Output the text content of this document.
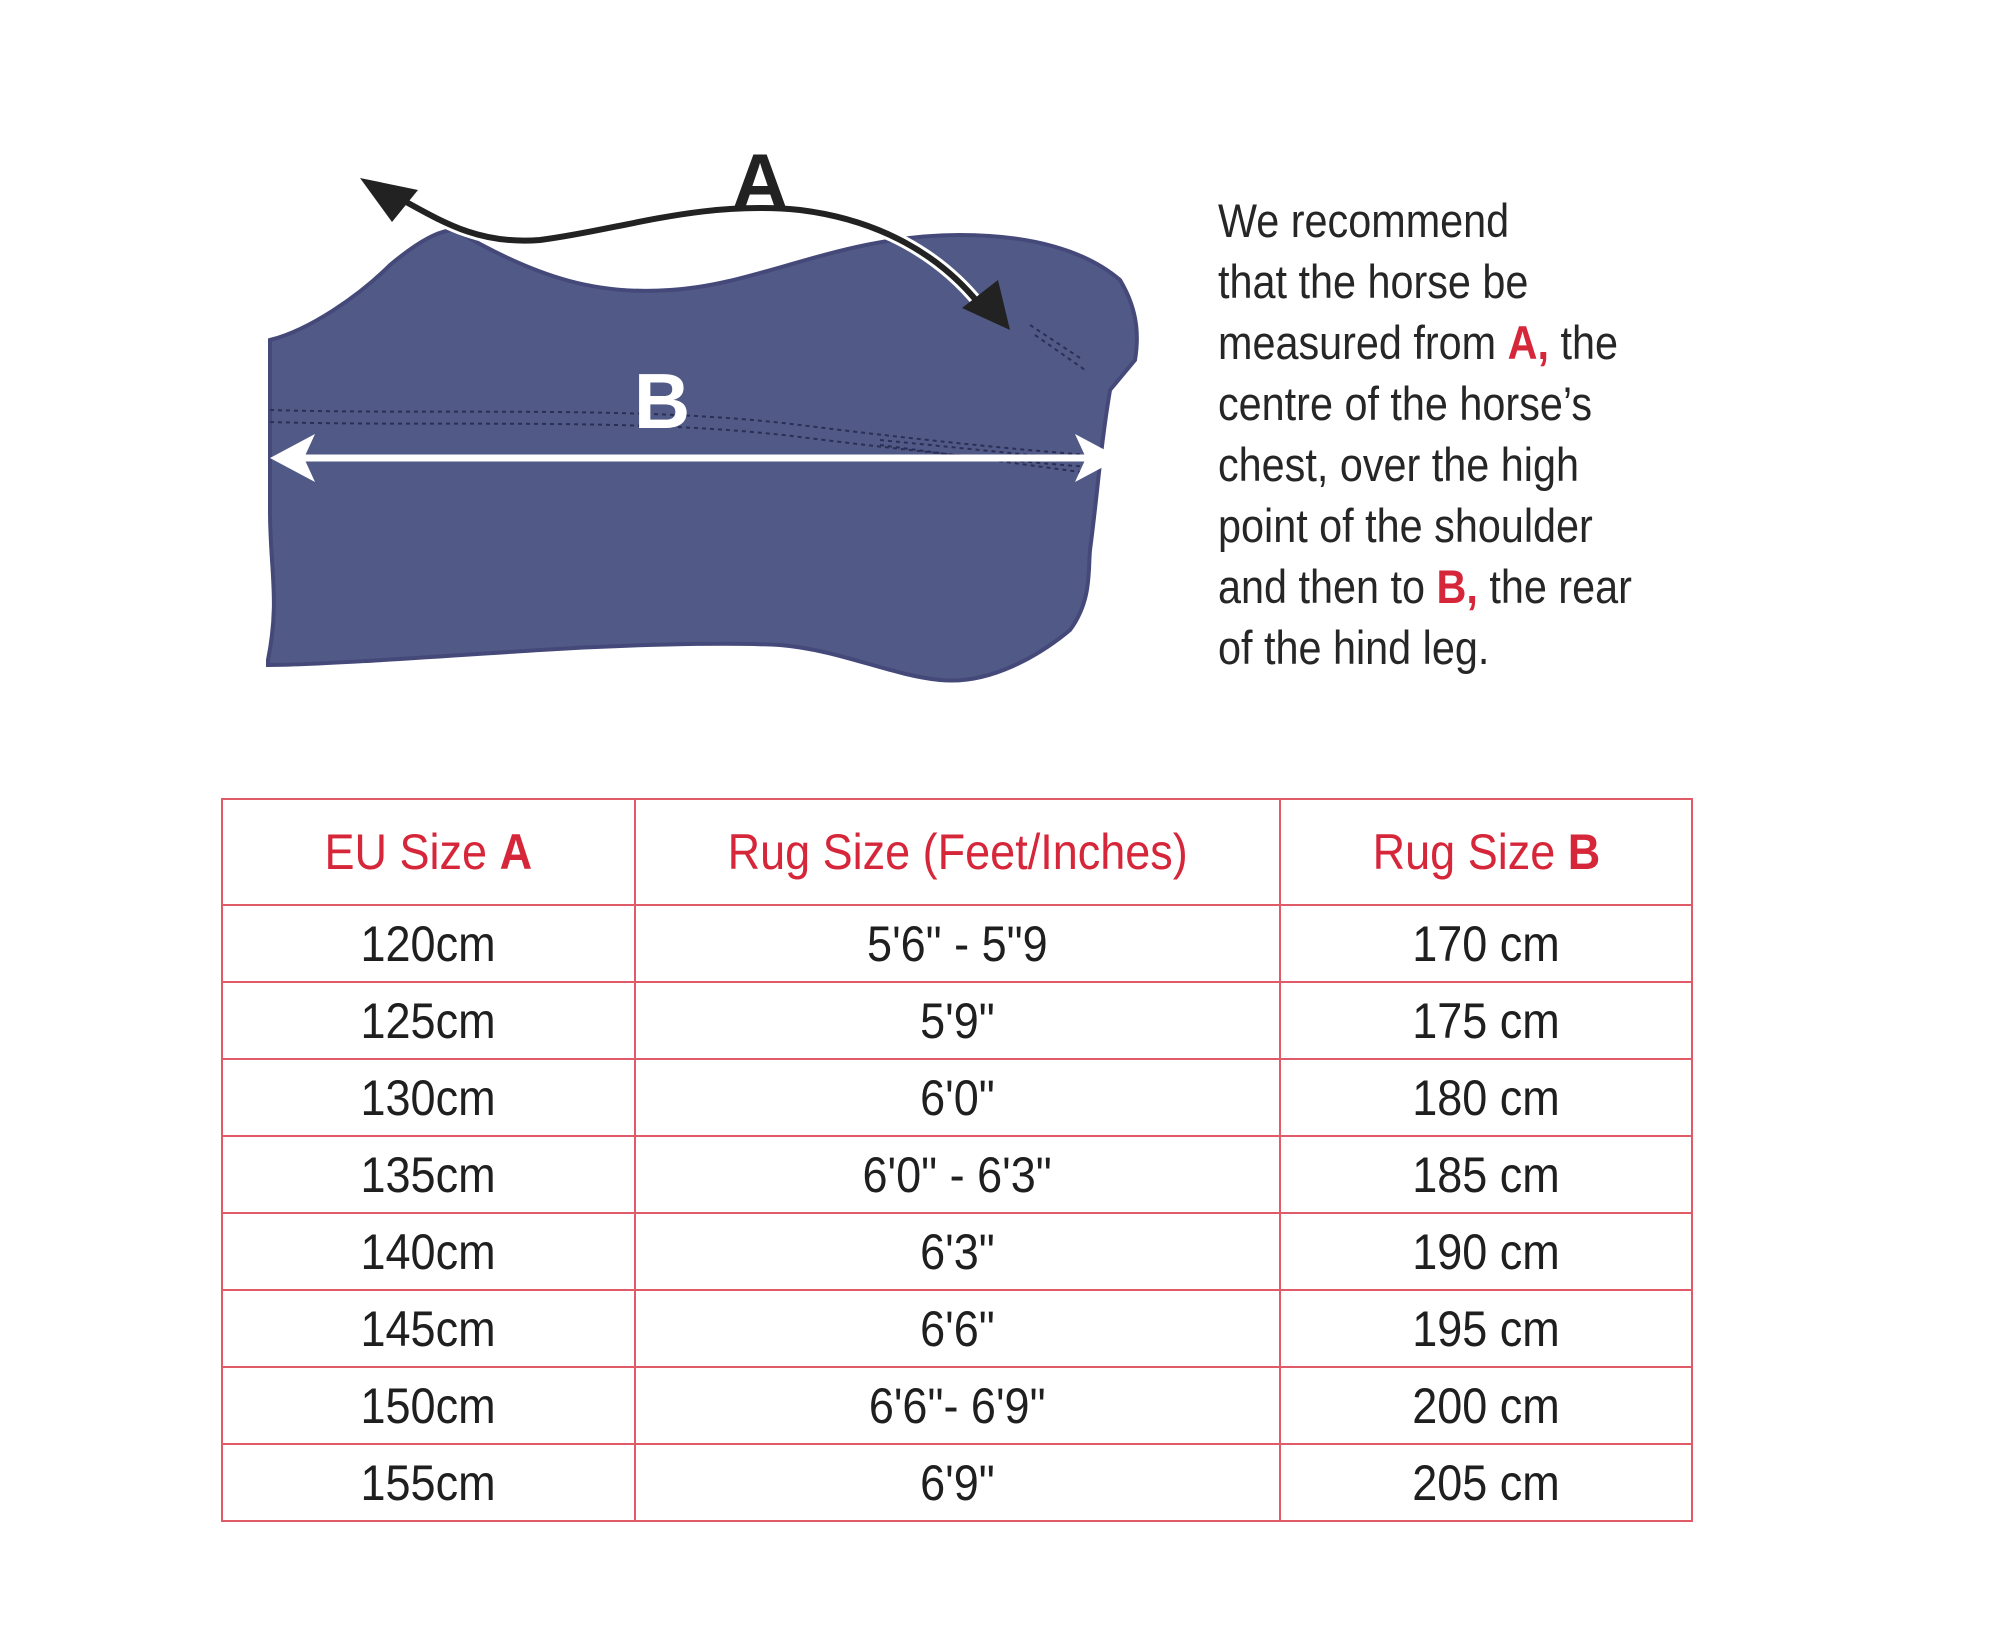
A
B
We recommend
that the horse be
measured from A, the
centre of the horse’s
chest, over the high
point of the shoulder
and then to B, the rear
of the hind leg.
EU Size A	Rug Size (Feet/Inches)	Rug Size B
120cm	5'6" - 5"9	170 cm
125cm	5'9"	175 cm
130cm	6'0"	180 cm
135cm	6'0" - 6'3"	185 cm
140cm	6'3"	190 cm
145cm	6'6"	195 cm
150cm	6'6"- 6'9"	200 cm
155cm	6'9"	205 cm
